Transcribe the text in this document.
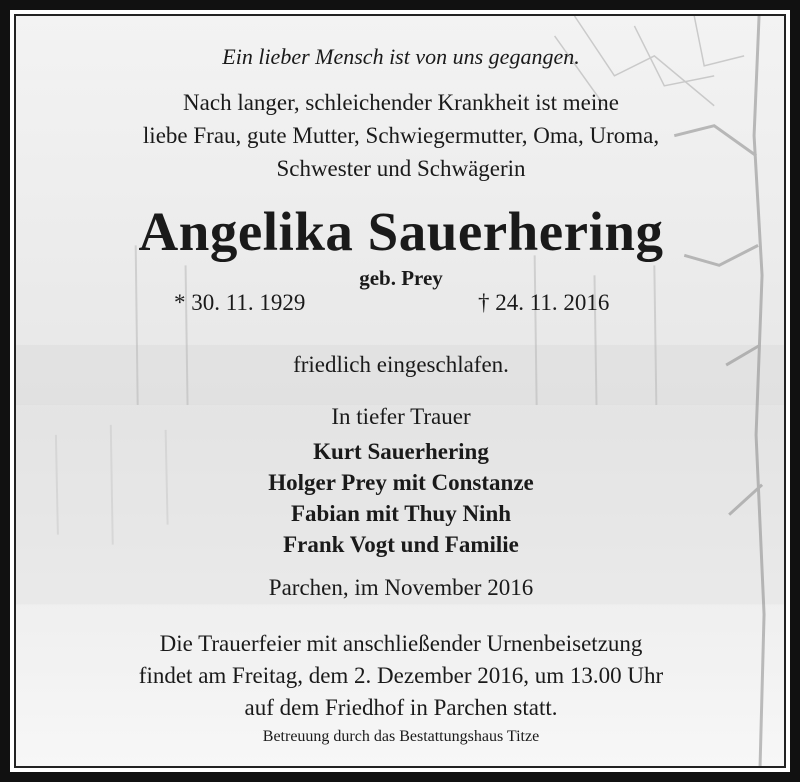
Ein lieber Mensch ist von uns gegangen.
Nach langer, schleichender Krankheit ist meine
liebe Frau, gute Mutter, Schwiegermutter, Oma, Uroma,
Schwester und Schwägerin
Angelika Sauerhering
geb. Prey
* 30. 11. 1929	† 24. 11. 2016
friedlich eingeschlafen.
In tiefer Trauer
Kurt Sauerhering
Holger Prey mit Constanze
Fabian mit Thuy Ninh
Frank Vogt und Familie
Parchen, im November 2016
Die Trauerfeier mit anschließender Urnenbeisetzung
findet am Freitag, dem 2. Dezember 2016, um 13.00 Uhr
auf dem Friedhof in Parchen statt.
Betreuung durch das Bestattungshaus Titze
